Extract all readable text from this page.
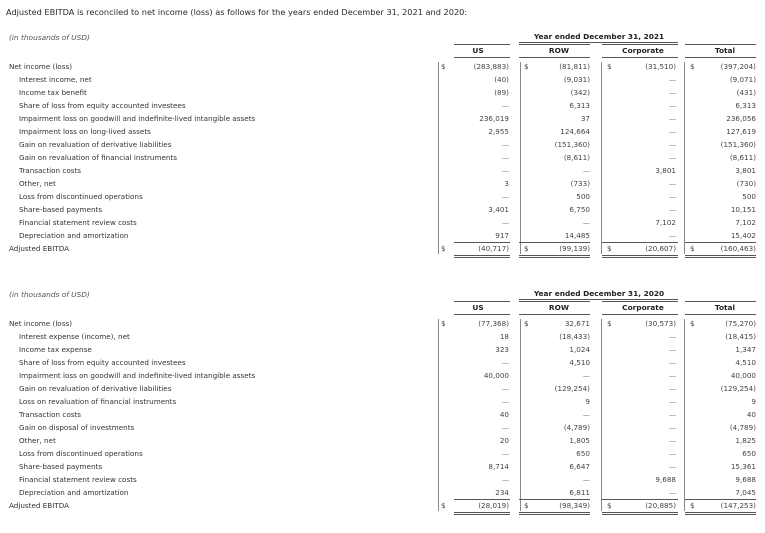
Adjusted EBITDA is reconciled to net income (loss) as follows for the years ended December 31, 2021 and 2020:
(in thousands of USD)	Year ended December 31, 2021
US	ROW	Corporate	Total
Net income (loss)	$	(283,883) $	(81,811) $	(31,510) $	(397,204)
Interest income, net	(40)	(9,031)	—	(9,071)
Income tax benefit	(89)	(342)	—	(431)
Share of loss from equity accounted investees	—	6,313	—	6,313
Impairment loss on goodwill and indefinite-lived intangible assets	236,019	37	—	236,056
Impairment loss on long-lived assets	2,955	124,664	—	127,619
Gain on revaluation of derivative liabilities	—	(151,360)	—	(151,360)
Gain on revaluation of financial instruments	—	(8,611)	—	(8,611)
Transaction costs	—	—	3,801	3,801
Other, net	3	(733)	—	(730)
Loss from discontinued operations	—	500	—	500
Share-based payments	3,401	6,750	—	10,151
Financial statement review costs	—	—	7,102	7,102
Depreciation and amortization	917	14,485	—	15,402
Adjusted EBITDA	$	(40,717) $	(99,139) $	(20,607) $	(160,463)
(in thousands of USD)	Year ended December 31, 2020
US	ROW	Corporate	Total
Net income (loss)	$	(77,368) $	32,671 $	(30,573) $	(75,270)
Interest expense (income), net	18	(18,433)	—	(18,415)
Income tax expense	323	1,024	—	1,347
Share of loss from equity accounted investees	—	4,510	—	4,510
Impairment loss on goodwill and indefinite-lived intangible assets	40,000	—	—	40,000
Gain on revaluation of derivative liabilities	—	(129,254)	—	(129,254)
Loss on revaluation of financial instruments	—	9	—	9
Transaction costs	40	—	—	40
Gain on disposal of investments	—	(4,789)	—	(4,789)
Other, net	20	1,805	—	1,825
Loss from discontinued operations	—	650	—	650
Share-based payments	8,714	6,647	—	15,361
Financial statement review costs	—	—	9,688	9,688
Depreciation and amortization	234	6,811	—	7,045
Adjusted EBITDA	$	(28,019) $	(98,349) $	(20,885) $	(147,253)
